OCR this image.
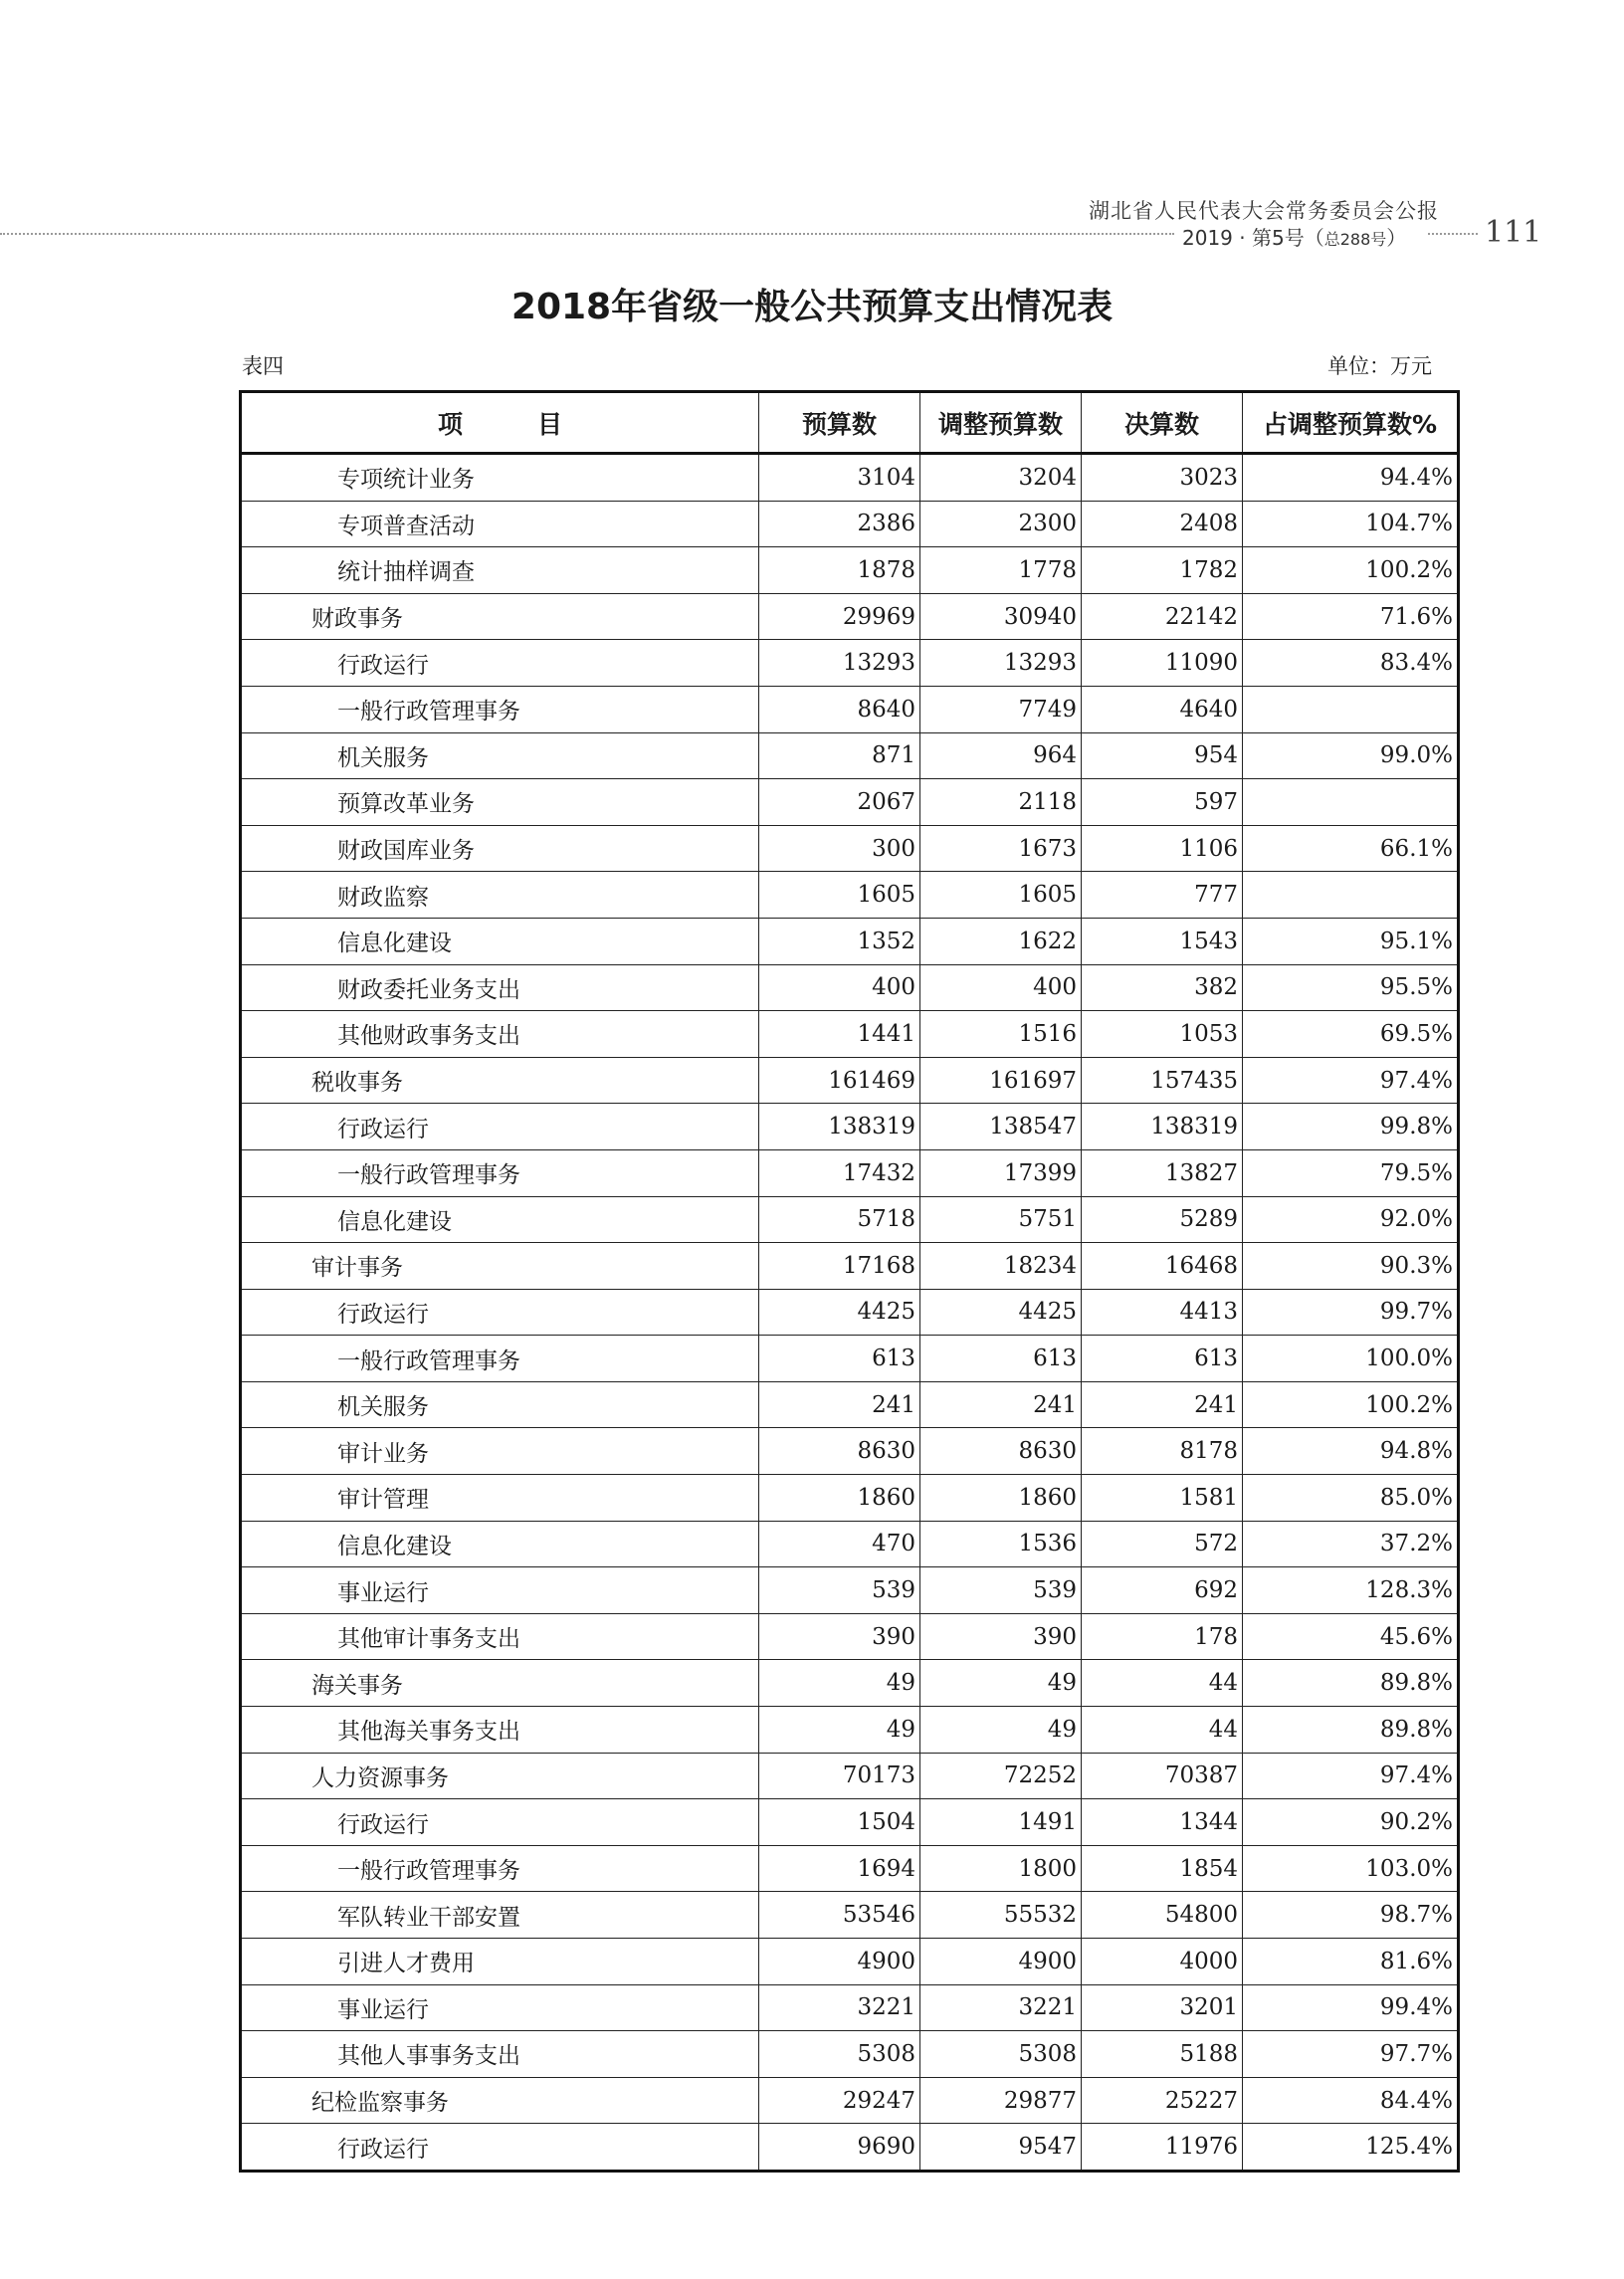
湖北省人民代表大会常务委员会公报
2019 · 第5号（总288号）	111
2018年省级一般公共预算支出情况表
表四	单位：万元
项　　　目	预算数	调整预算数	决算数	占调整预算数%
专项统计业务	3104	3204	3023	94.4%
专项普查活动	2386	2300	2408	104.7%
统计抽样调查	1878	1778	1782	100.2%
财政事务	29969	30940	22142	71.6%
行政运行	13293	13293	11090	83.4%
一般行政管理事务	8640	7749	4640	
机关服务	871	964	954	99.0%
预算改革业务	2067	2118	597	
财政国库业务	300	1673	1106	66.1%
财政监察	1605	1605	777	
信息化建设	1352	1622	1543	95.1%
财政委托业务支出	400	400	382	95.5%
其他财政事务支出	1441	1516	1053	69.5%
税收事务	161469	161697	157435	97.4%
行政运行	138319	138547	138319	99.8%
一般行政管理事务	17432	17399	13827	79.5%
信息化建设	5718	5751	5289	92.0%
审计事务	17168	18234	16468	90.3%
行政运行	4425	4425	4413	99.7%
一般行政管理事务	613	613	613	100.0%
机关服务	241	241	241	100.2%
审计业务	8630	8630	8178	94.8%
审计管理	1860	1860	1581	85.0%
信息化建设	470	1536	572	37.2%
事业运行	539	539	692	128.3%
其他审计事务支出	390	390	178	45.6%
海关事务	49	49	44	89.8%
其他海关事务支出	49	49	44	89.8%
人力资源事务	70173	72252	70387	97.4%
行政运行	1504	1491	1344	90.2%
一般行政管理事务	1694	1800	1854	103.0%
军队转业干部安置	53546	55532	54800	98.7%
引进人才费用	4900	4900	4000	81.6%
事业运行	3221	3221	3201	99.4%
其他人事事务支出	5308	5308	5188	97.7%
纪检监察事务	29247	29877	25227	84.4%
行政运行	9690	9547	11976	125.4%
